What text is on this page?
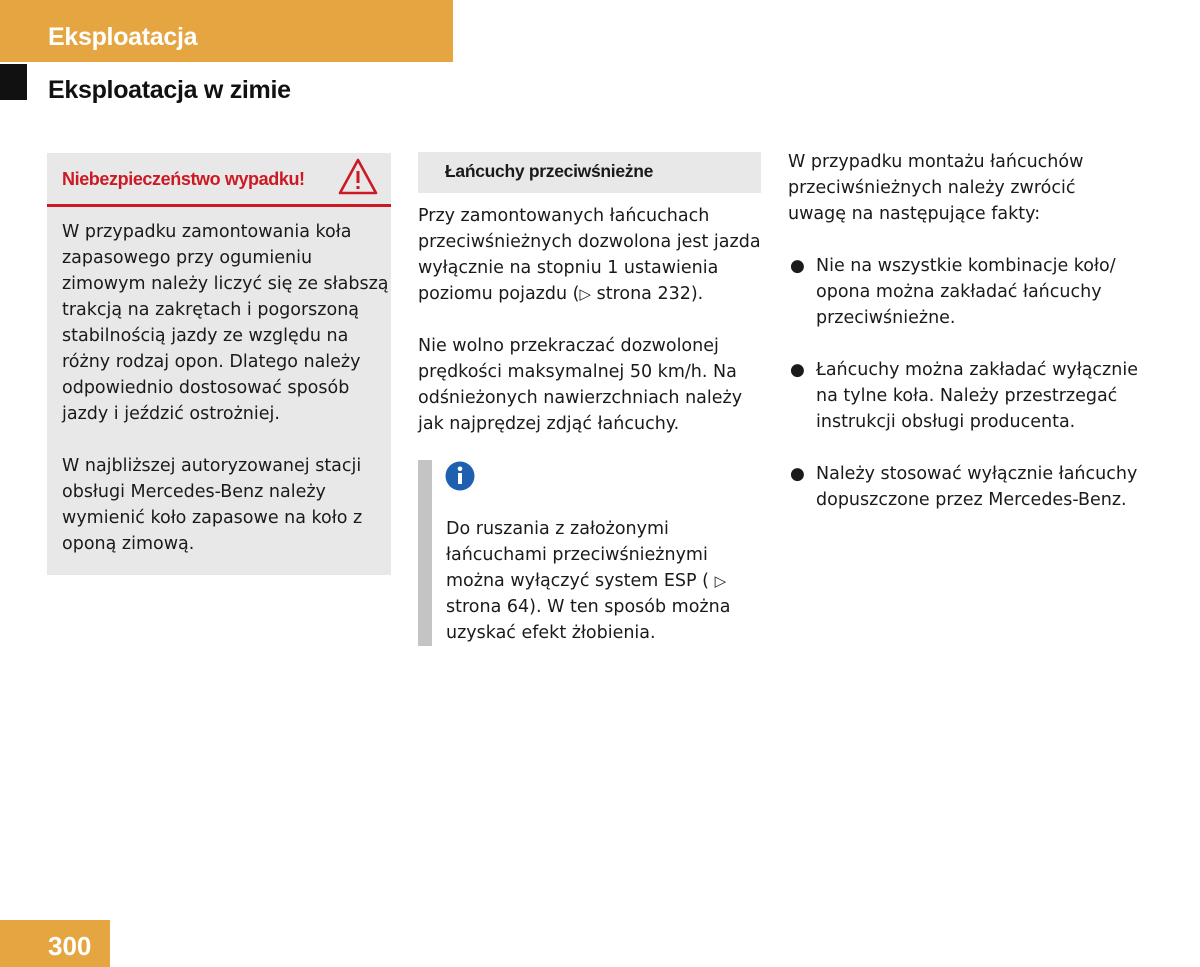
Eksploatacja
Eksploatacja w zimie
Niebezpieczeństwo wypadku!

W przypadku zamontowania koła zapasowego przy ogumieniu zimowym należy liczyć się ze słabszą trakcją na zakrętach i pogorszoną stabilnością jazdy ze względu na różny rodzaj opon. Dlatego należy odpowiednio dostosować sposób jazdy i jeździć ostrożniej.

W najbliższej autoryzowanej stacji obsługi Mercedes-Benz należy wymienić koło zapasowe na koło z oponą zimową.

Łańcuchy przeciwśnieżne

Przy zamontowanych łańcuchach przeciwśnieżnych dozwolona jest jazda wyłącznie na stopniu 1 ustawienia poziomu pojazdu (▷ strona 232).

Nie wolno przekraczać dozwolonej prędkości maksymalnej 50 km/h. Na odśnieżonych nawierzchniach należy jak najprędzej zdjąć łańcuchy.

Do ruszania z założonymi łańcuchami przeciwśnieżnymi można wyłączyć system ESP ( ▷ strona 64). W ten sposób można uzyskać efekt żłobienia.
W przypadku montażu łańcuchów przeciwśnieżnych należy zwrócić uwagę na następujące fakty:
● Nie na wszystkie kombinacje koło/ opona można zakładać łańcuchy przeciwśnieżne.
● Łańcuchy można zakładać wyłącznie na tylne koła. Należy przestrzegać instrukcji obsługi producenta.
● Należy stosować wyłącznie łańcuchy dopuszczone przez Mercedes-Benz.
300
